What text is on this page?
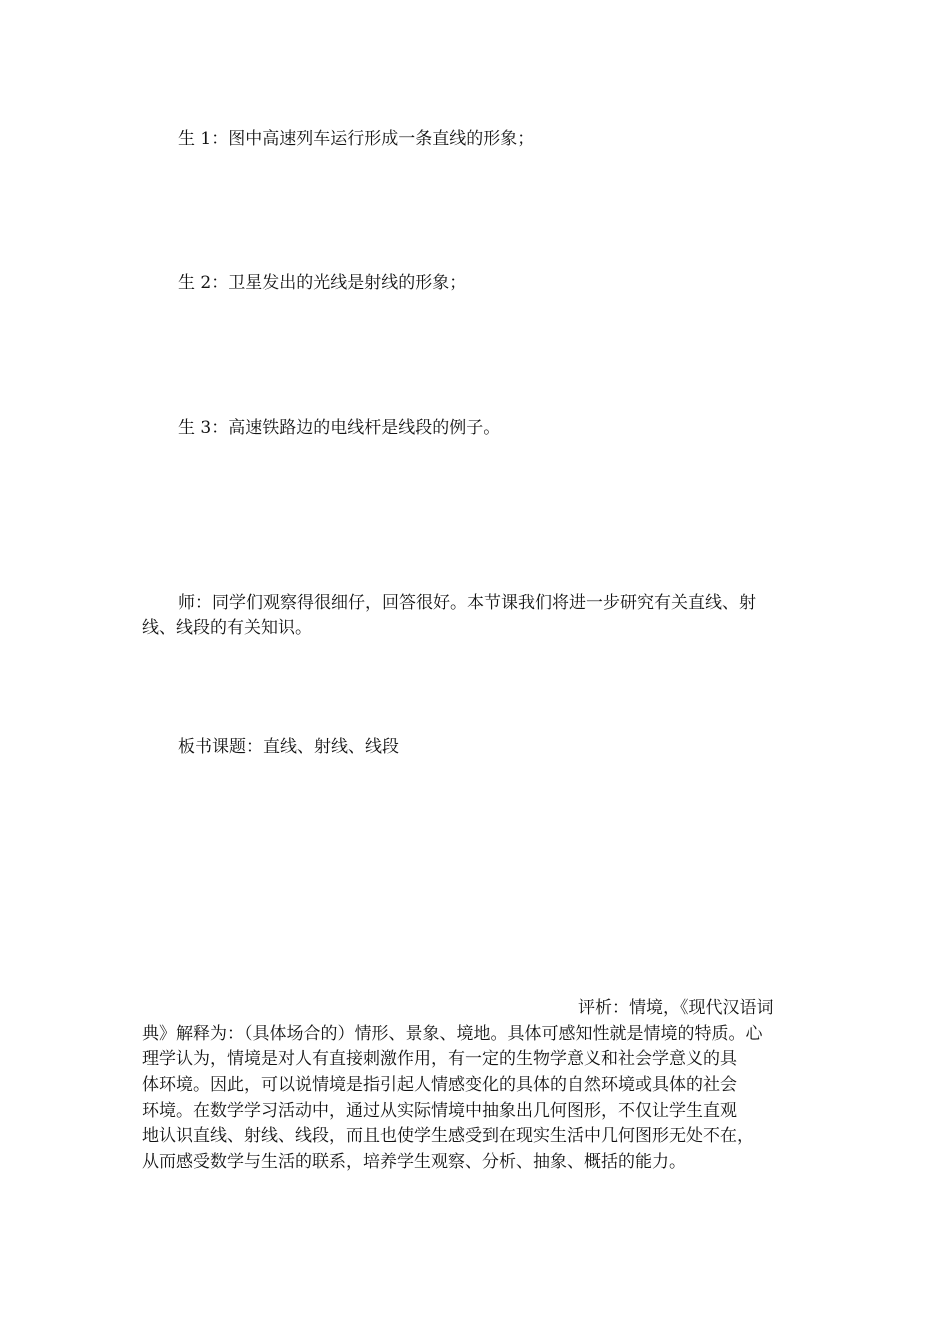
生 1：图中高速列车运行形成一条直线的形象；

生 2：卫星发出的光线是射线的形象；

生 3：高速铁路边的电线杆是线段的例子。

师：同学们观察得很细仔，回答很好。本节课我们将进一步研究有关直线、射

线、线段的有关知识。

板书课题：直线、射线、线段

评析：情境，《现代汉语词

典》解释为：（具体场合的）情形、景象、境地。具体可感知性就是情境的特质。心

理学认为，情境是对人有直接刺激作用，有一定的生物学意义和社会学意义的具

体环境。因此，可以说情境是指引起人情感变化的具体的自然环境或具体的社会

环境。在数学学习活动中，通过从实际情境中抽象出几何图形，不仅让学生直观

地认识直线、射线、线段，而且也使学生感受到在现实生活中几何图形无处不在，

从而感受数学与生活的联系，培养学生观察、分析、抽象、概括的能力。
